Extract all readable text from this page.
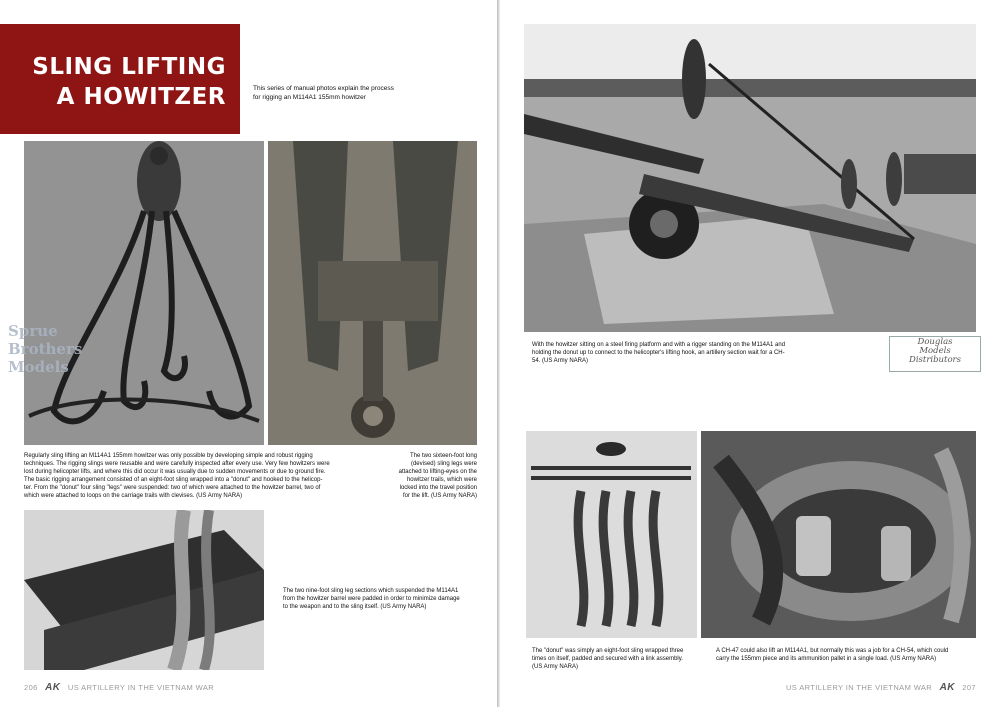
SLING LIFTING
A HOWITZER	This series of manual photos explain the process
for rigging an M114A1 155mm howitzer
Regularly sling lifting an M114A1 155mm howitzer was only possible by developing simple and robust rigging
techniques. The rigging slings were reusable and were carefully inspected after every use. Very few howitzers were
lost during helicopter lifts, and where this did occur it was usually due to sudden movements or due to ground fire.
The basic rigging arrangement consisted of an eight-foot sling wrapped into a "donut" and hooked to the helicop-
ter. From the "donut" four sling "legs" were suspended: two of which were attached to the howitzer barrel, two of
which were attached to loops on the carriage trails with clevises. (US Army NARA)
The two sixteen-foot long
(devised) sling legs were
attached to lifting-eyes on the
howitzer trails, which were
locked into the travel position
for the lift. (US Army NARA)
The two nine-foot sling leg sections which suspended the M114A1
from the howitzer barrel were padded in order to minimize damage
to the weapon and to the sling itself. (US Army NARA)
Sprue
Brothers
Models
206 AK US ARTILLERY IN THE VIETNAM WAR
With the howitzer sitting on a steel firing platform and with a rigger standing on the M114A1 and
holding the donut up to connect to the helicopter's lifting hook, an artillery section wait for a CH-
54. (US Army NARA)
Douglas
Models
Distributors
The "donut" was simply an eight-foot sling wrapped three
times on itself, padded and secured with a link assembly.
(US Army NARA)
A CH-47 could also lift an M114A1, but normally this was a job for a CH-54, which could
carry the 155mm piece and its ammunition pallet in a single load. (US Army NARA)
US ARTILLERY IN THE VIETNAM WAR AK 207
